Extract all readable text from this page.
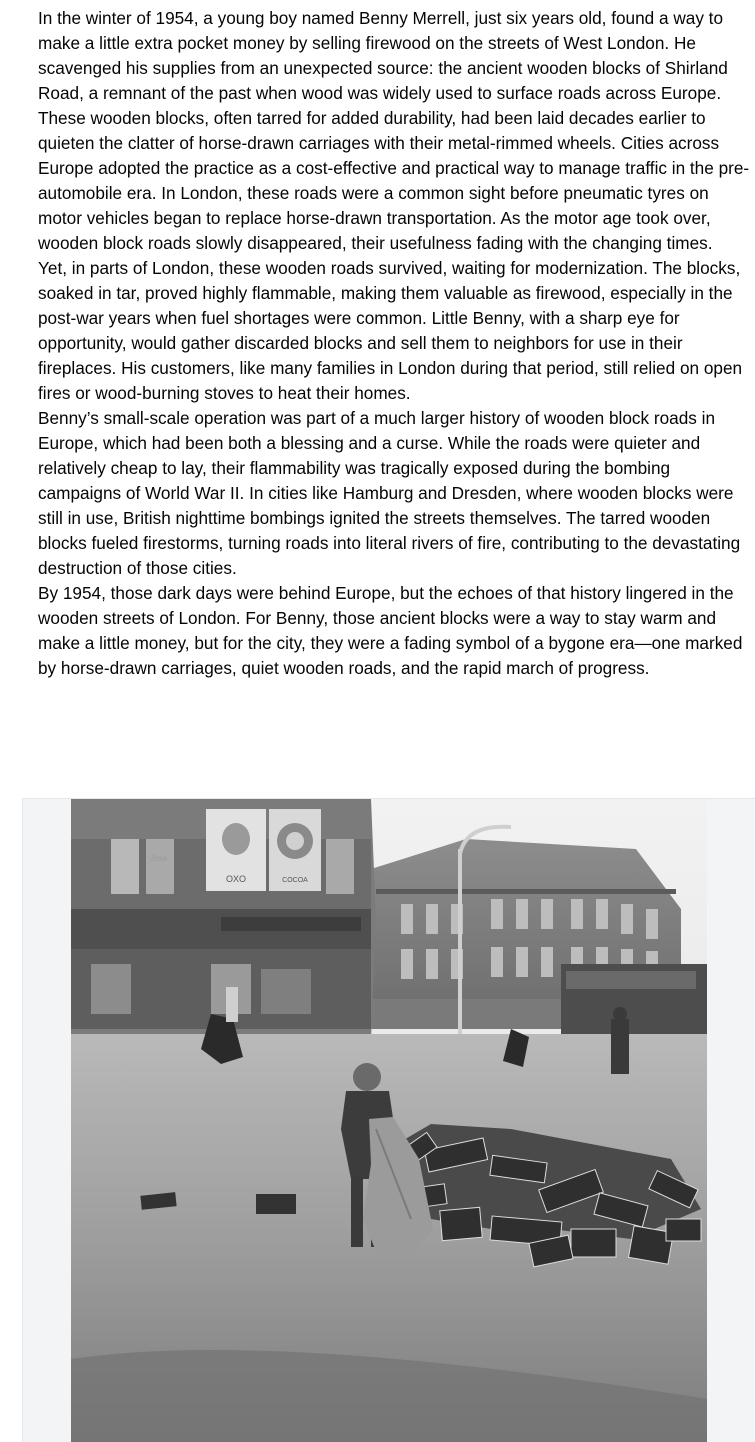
In the winter of 1954, a young boy named Benny Merrell, just six years old, found a way to make a little extra pocket money by selling firewood on the streets of West London. He scavenged his supplies from an unexpected source: the ancient wooden blocks of Shirland Road, a remnant of the past when wood was widely used to surface roads across Europe.

These wooden blocks, often tarred for added durability, had been laid decades earlier to quieten the clatter of horse-drawn carriages with their metal-rimmed wheels. Cities across Europe adopted the practice as a cost-effective and practical way to manage traffic in the pre-automobile era. In London, these roads were a common sight before pneumatic tyres on motor vehicles began to replace horse-drawn transportation. As the motor age took over, wooden block roads slowly disappeared, their usefulness fading with the changing times.

Yet, in parts of London, these wooden roads survived, waiting for modernization. The blocks, soaked in tar, proved highly flammable, making them valuable as firewood, especially in the post-war years when fuel shortages were common. Little Benny, with a sharp eye for opportunity, would gather discarded blocks and sell them to neighbors for use in their fireplaces. His customers, like many families in London during that period, still relied on open fires or wood-burning stoves to heat their homes.

Benny’s small-scale operation was part of a much larger history of wooden block roads in Europe, which had been both a blessing and a curse. While the roads were quieter and relatively cheap to lay, their flammability was tragically exposed during the bombing campaigns of World War II. In cities like Hamburg and Dresden, where wooden blocks were still in use, British nighttime bombings ignited the streets themselves. The tarred wooden blocks fueled firestorms, turning roads into literal rivers of fire, contributing to the devastating destruction of those cities.

By 1954, those dark days were behind Europe, but the echoes of that history lingered in the wooden streets of London. For Benny, those ancient blocks were a way to stay warm and make a little money, but for the city, they were a fading symbol of a bygone era—one marked by horse-drawn carriages, quiet wooden roads, and the rapid march of progress.

OXO	COCOA
Jose
